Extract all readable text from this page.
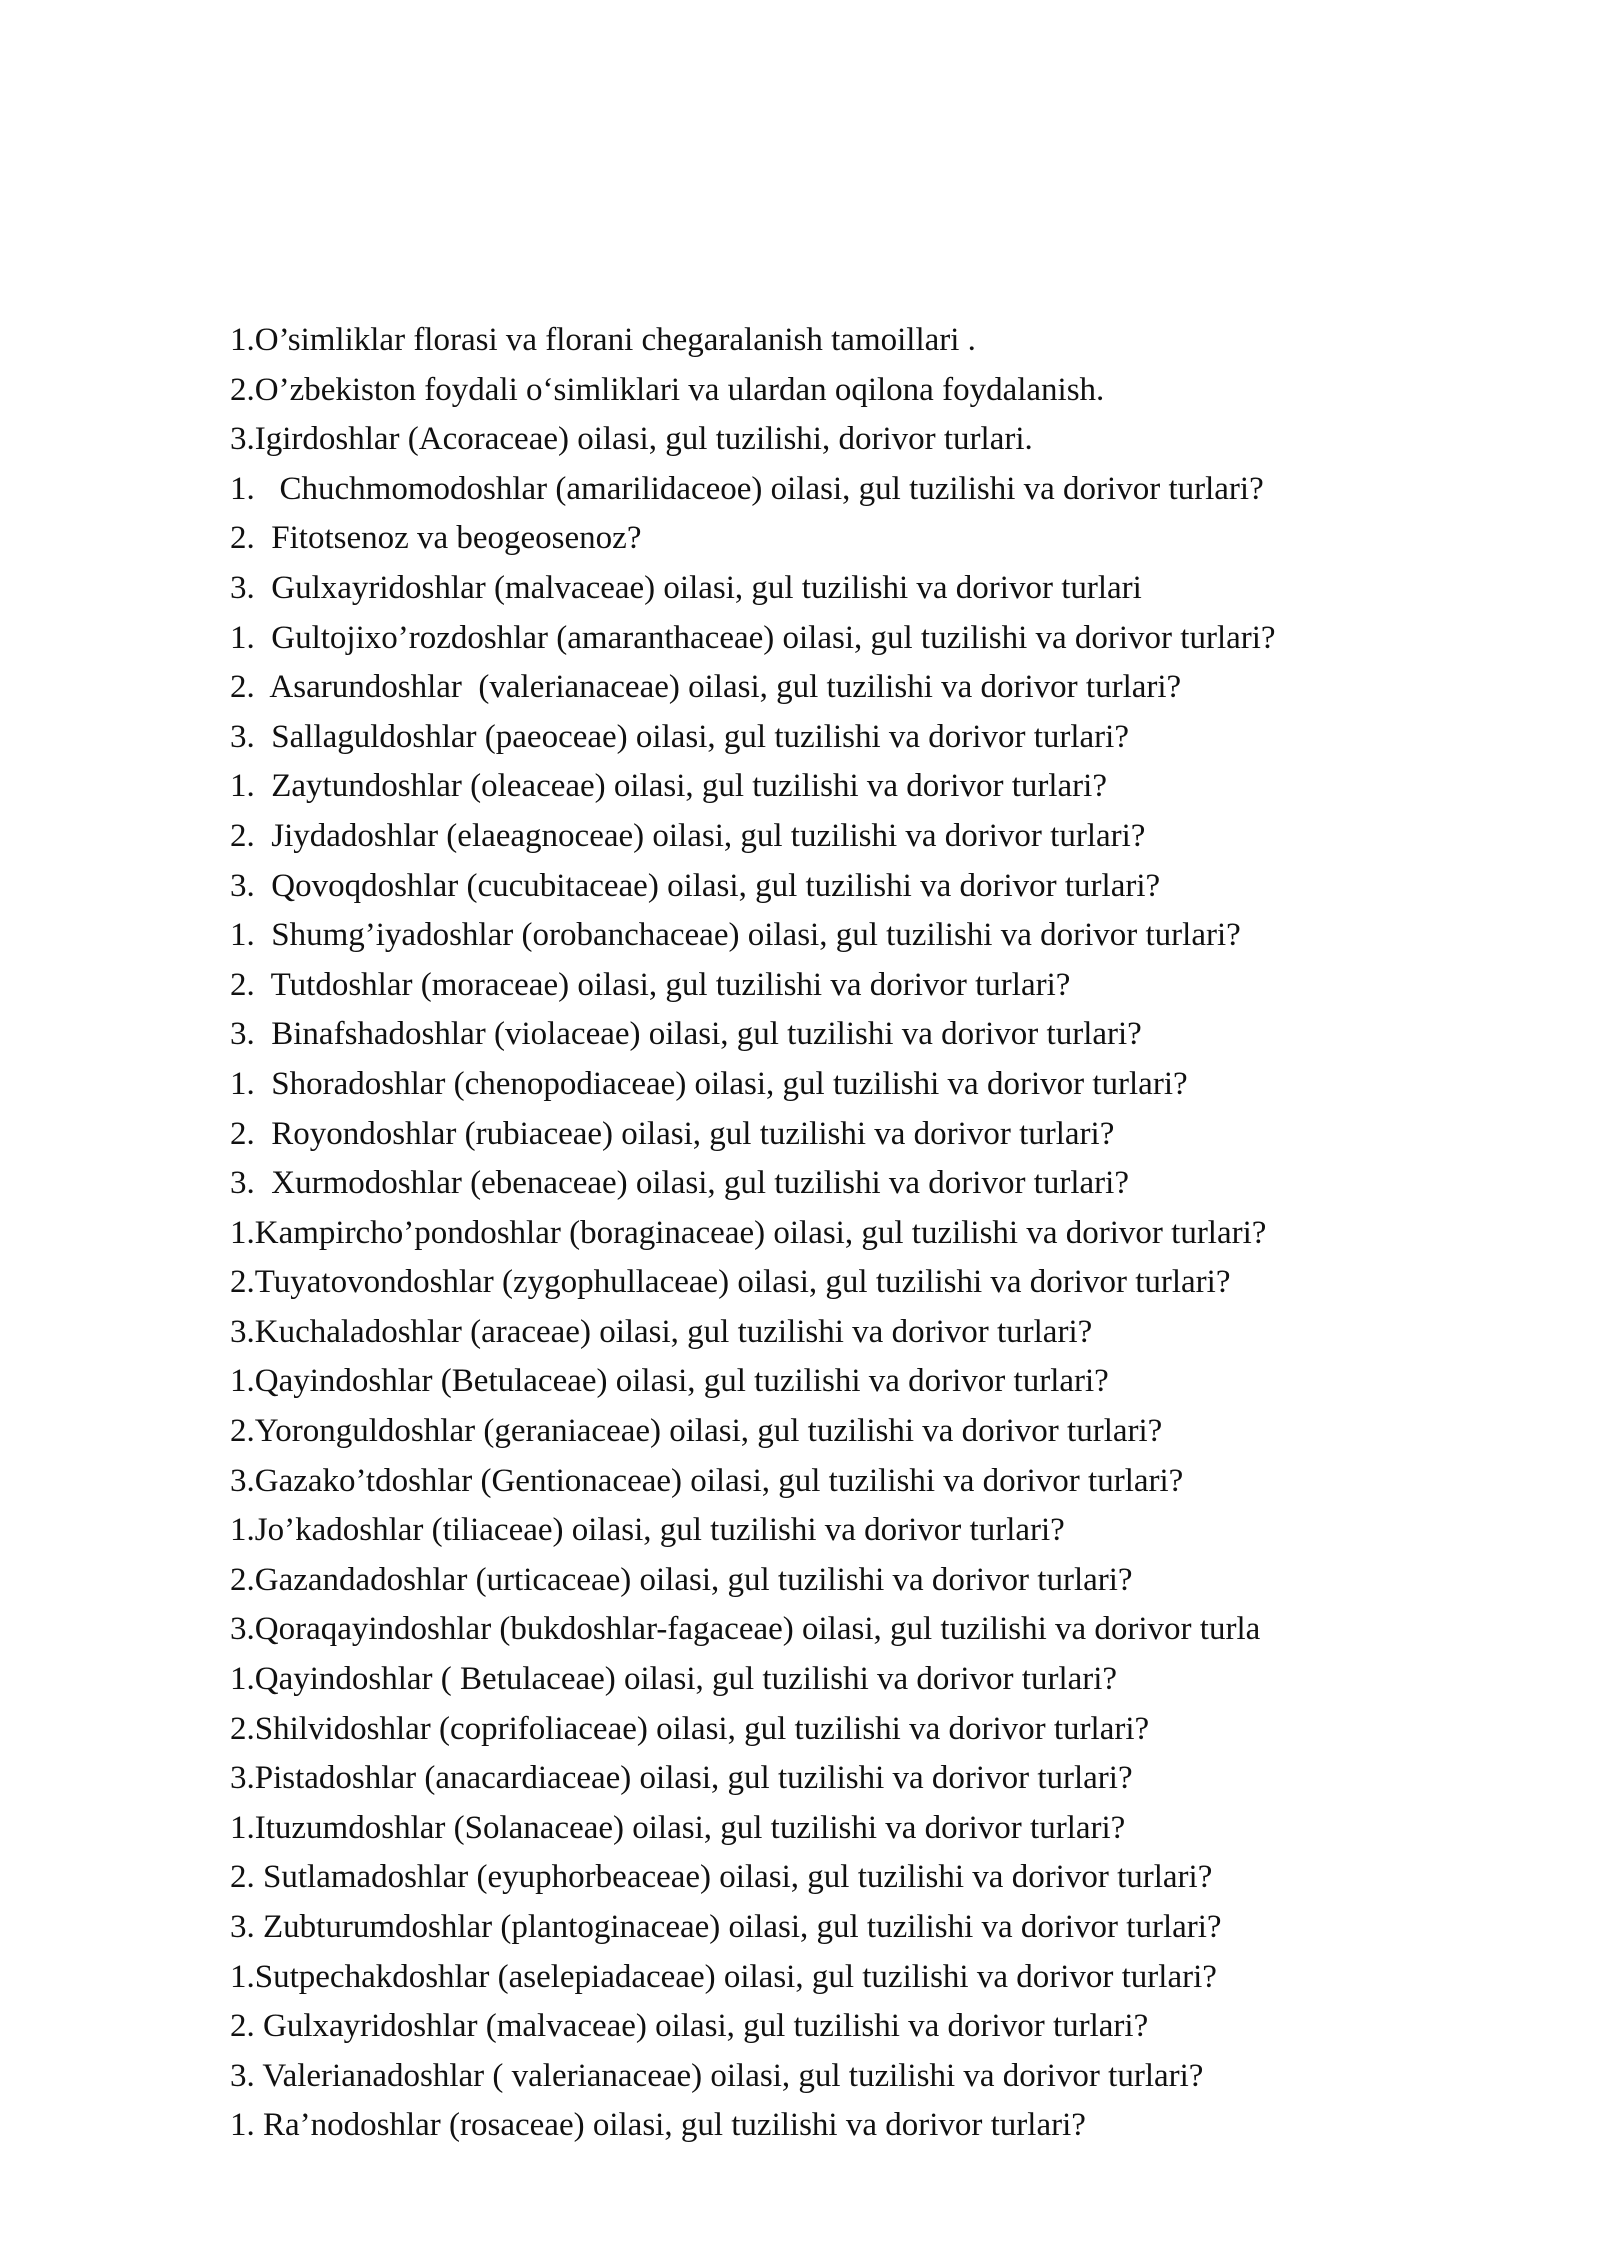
1.O’simliklar florasi va florani chegaralanish tamoillari .
2.O’zbekiston foydali o‘simliklari va ulardan oqilona foydalanish.
3.Igirdoshlar (Acoraceae) oilasi, gul tuzilishi, dorivor turlari.
1.   Chuchmomodoshlar (amarilidaceoe) oilasi, gul tuzilishi va dorivor turlari?
2.  Fitotsenoz va beogeosenoz?
3.  Gulxayridoshlar (malvaceae) oilasi, gul tuzilishi va dorivor turlari
1.  Gultojixo’rozdoshlar (amaranthaceae) oilasi, gul tuzilishi va dorivor turlari?
2.  Asarundoshlar  (valerianaceae) oilasi, gul tuzilishi va dorivor turlari?
3.  Sallaguldoshlar (paeoceae) oilasi, gul tuzilishi va dorivor turlari?
1.  Zaytundoshlar (oleaceae) oilasi, gul tuzilishi va dorivor turlari?
2.  Jiydadoshlar (elaeagnoceae) oilasi, gul tuzilishi va dorivor turlari?
3.  Qovoqdoshlar (cucubitaceae) oilasi, gul tuzilishi va dorivor turlari?
1.  Shumg’iyadoshlar (orobanchaceae) oilasi, gul tuzilishi va dorivor turlari?
2.  Tutdoshlar (moraceae) oilasi, gul tuzilishi va dorivor turlari?
3.  Binafshadoshlar (violaceae) oilasi, gul tuzilishi va dorivor turlari?
1.  Shoradoshlar (chenopodiaceae) oilasi, gul tuzilishi va dorivor turlari?
2.  Royondoshlar (rubiaceae) oilasi, gul tuzilishi va dorivor turlari?
3.  Xurmodoshlar (ebenaceae) oilasi, gul tuzilishi va dorivor turlari?
1.Kampircho’pondoshlar (boraginaceae) oilasi, gul tuzilishi va dorivor turlari?
2.Tuyatovondoshlar (zygophullaceae) oilasi, gul tuzilishi va dorivor turlari?
3.Kuchaladoshlar (araceae) oilasi, gul tuzilishi va dorivor turlari?
1.Qayindoshlar (Betulaceae) oilasi, gul tuzilishi va dorivor turlari?
2.Yoronguldoshlar (geraniaceae) oilasi, gul tuzilishi va dorivor turlari?
3.Gazako’tdoshlar (Gentionaceae) oilasi, gul tuzilishi va dorivor turlari?
1.Jo’kadoshlar (tiliaceae) oilasi, gul tuzilishi va dorivor turlari?
2.Gazandadoshlar (urticaceae) oilasi, gul tuzilishi va dorivor turlari?
3.Qoraqayindoshlar (bukdoshlar-fagaceae) oilasi, gul tuzilishi va dorivor turla
1.Qayindoshlar ( Betulaceae) oilasi, gul tuzilishi va dorivor turlari?
2.Shilvidoshlar (coprifoliaceae) oilasi, gul tuzilishi va dorivor turlari?
3.Pistadoshlar (anacardiaceae) oilasi, gul tuzilishi va dorivor turlari?
1.Ituzumdoshlar (Solanaceae) oilasi, gul tuzilishi va dorivor turlari?
2. Sutlamadoshlar (eyuphorbeaceae) oilasi, gul tuzilishi va dorivor turlari?
3. Zubturumdoshlar (plantoginaceae) oilasi, gul tuzilishi va dorivor turlari?
1.Sutpechakdoshlar (aselepiadaceae) oilasi, gul tuzilishi va dorivor turlari?
2. Gulxayridoshlar (malvaceae) oilasi, gul tuzilishi va dorivor turlari?
3. Valerianadoshlar ( valerianaceae) oilasi, gul tuzilishi va dorivor turlari?
1. Ra’nodoshlar (rosaceae) oilasi, gul tuzilishi va dorivor turlari?
